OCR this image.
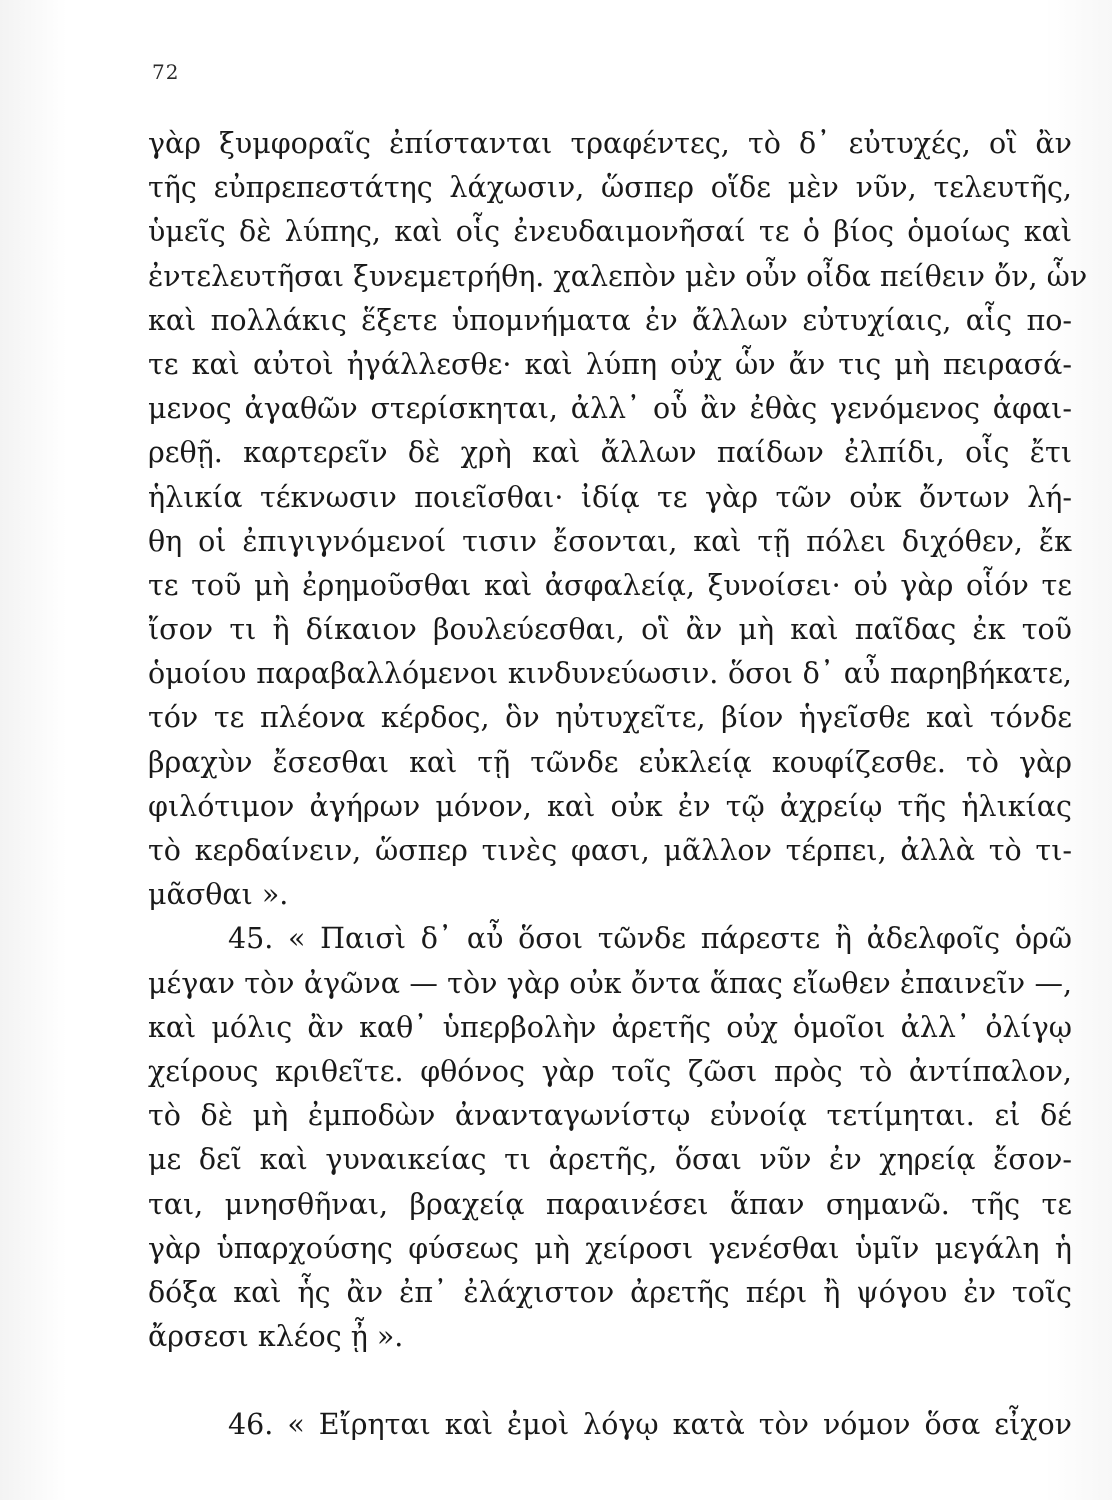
72
γὰρ ξυμφοραῖς ἐπίστανται τραφέντες, τὸ δ᾽ εὐτυχές, οἳ ἂν
τῆς εὐπρεπεστάτης λάχωσιν, ὥσπερ οἵδε μὲν νῦν, τελευτῆς,
ὑμεῖς δὲ λύπης, καὶ οἷς ἐνευδαιμονῆσαί τε ὁ βίος ὁμοίως καὶ
ἐντελευτῆσαι ξυνεμετρήθη. χαλεπὸν μὲν οὖν οἶδα πείθειν ὄν, ὧν
καὶ πολλάκις ἕξετε ὑπομνήματα ἐν ἄλλων εὐτυχίαις, αἷς πο-
τε καὶ αὐτοὶ ἠγάλλεσθε· καὶ λύπη οὐχ ὧν ἄν τις μὴ πειρασά-
μενος ἀγαθῶν στερίσκηται, ἀλλ᾽ οὗ ἂν ἐθὰς γενόμενος ἀφαι-
ρεθῇ. καρτερεῖν δὲ χρὴ καὶ ἄλλων παίδων ἐλπίδι, οἷς ἔτι
ἡλικία τέκνωσιν ποιεῖσθαι· ἰδίᾳ τε γὰρ τῶν οὐκ ὄντων λή-
θη οἱ ἐπιγιγνόμενοί τισιν ἔσονται, καὶ τῇ πόλει διχόθεν, ἔκ
τε τοῦ μὴ ἐρημοῦσθαι καὶ ἀσφαλείᾳ, ξυνοίσει· οὐ γὰρ οἷόν τε
ἴσον τι ἢ δίκαιον βουλεύεσθαι, οἳ ἂν μὴ καὶ παῖδας ἐκ τοῦ
ὁμοίου παραβαλλόμενοι κινδυνεύωσιν. ὅσοι δ᾽ αὖ παρηβήκατε,
τόν τε πλέονα κέρδος, ὃν ηὐτυχεῖτε, βίον ἡγεῖσθε καὶ τόνδε
βραχὺν ἔσεσθαι καὶ τῇ τῶνδε εὐκλείᾳ κουφίζεσθε. τὸ γὰρ
φιλότιμον ἀγήρων μόνον, καὶ οὐκ ἐν τῷ ἀχρείῳ τῆς ἡλικίας
τὸ κερδαίνειν, ὥσπερ τινὲς φασι, μᾶλλον τέρπει, ἀλλὰ τὸ τι-
μᾶσθαι ».
45. « Παισὶ δ᾽ αὖ ὅσοι τῶνδε πάρεστε ἢ ἀδελφοῖς ὁρῶ
μέγαν τὸν ἀγῶνα — τὸν γὰρ οὐκ ὄντα ἅπας εἴωθεν ἐπαινεῖν —,
καὶ μόλις ἂν καθ᾽ ὑπερβολὴν ἀρετῆς οὐχ ὁμοῖοι ἀλλ᾽ ὀλίγῳ
χείρους κριθεῖτε. φθόνος γὰρ τοῖς ζῶσι πρὸς τὸ ἀντίπαλον,
τὸ δὲ μὴ ἐμποδὼν ἀνανταγωνίστῳ εὐνοίᾳ τετίμηται. εἰ δέ
με δεῖ καὶ γυναικείας τι ἀρετῆς, ὅσαι νῦν ἐν χηρείᾳ ἔσον-
ται, μνησθῆναι, βραχείᾳ παραινέσει ἅπαν σημανῶ. τῆς τε
γὰρ ὑπαρχούσης φύσεως μὴ χείροσι γενέσθαι ὑμῖν μεγάλη ἡ
δόξα καὶ ἧς ἂν ἐπ᾽ ἐλάχιστον ἀρετῆς πέρι ἢ ψόγου ἐν τοῖς
ἄρσεσι κλέος ᾖ ».
46. « Εἴρηται καὶ ἐμοὶ λόγῳ κατὰ τὸν νόμον ὅσα εἶχον
